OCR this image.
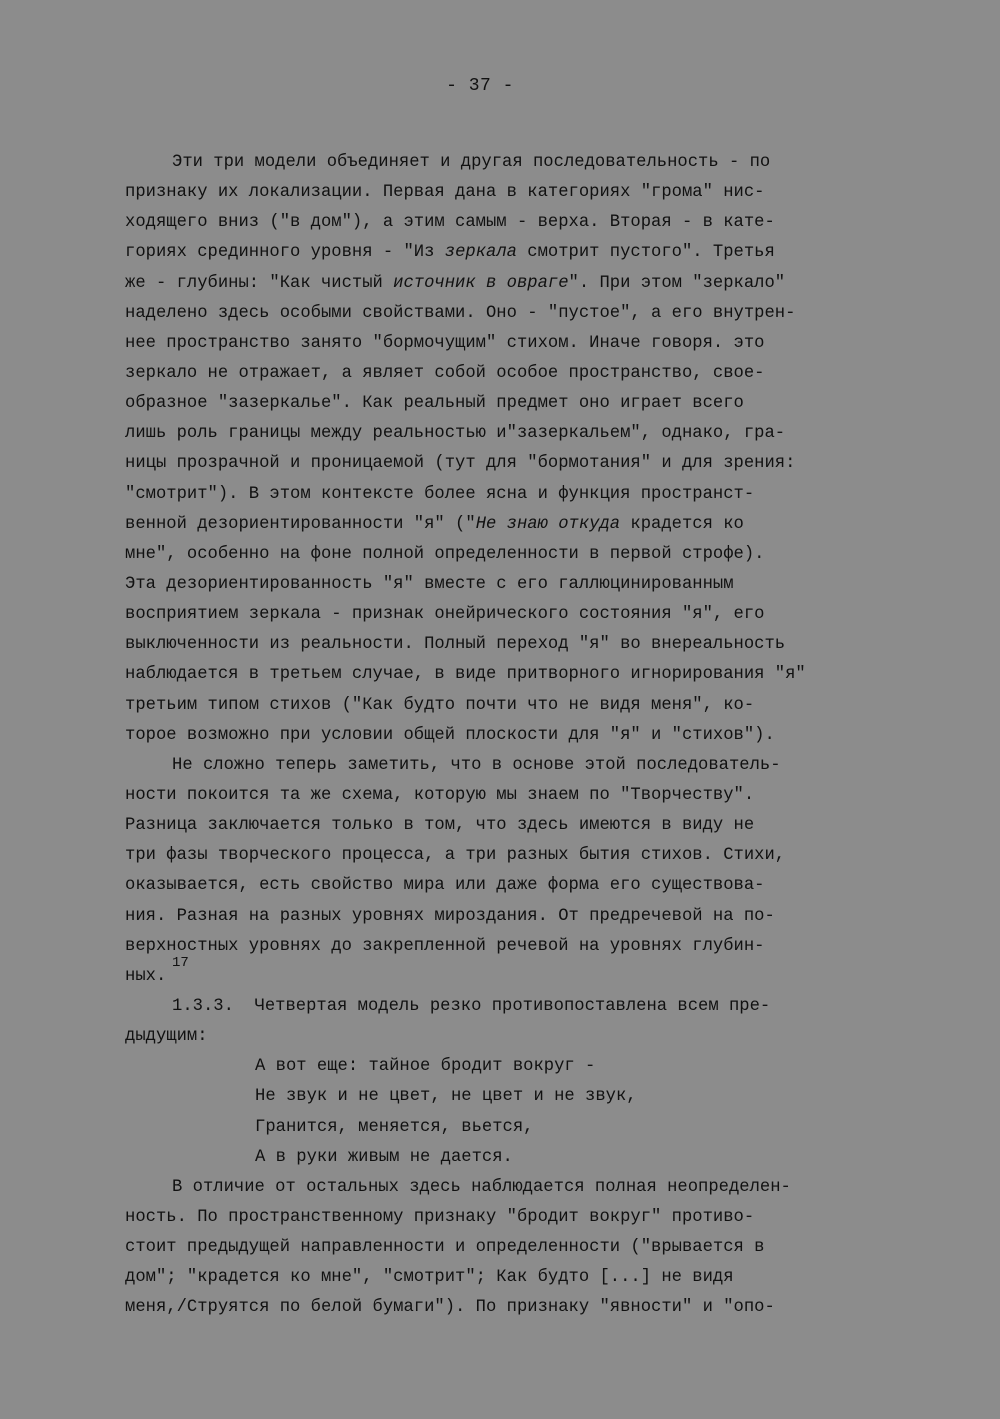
- 37 -
Эти три модели объединяет и другая последовательность - по
признаку их локализации. Первая дана в категориях "грома" нис-
ходящего вниз ("в дом"), а этим самым - верха. Вторая - в кате-
гориях срединного уровня - "Из зеркала смотрит пустого". Третья
же - глубины: "Как чистый источник в овраге". При этом "зеркало"
наделено здесь особыми свойствами. Оно - "пустое", а его внутрен-
нее пространство занято "бормочущим" стихом. Иначе говоря. это
зеркало не отражает, а являет собой особое пространство, свое-
образное "зазеркалье". Как реальный предмет оно играет всего
лишь роль границы между реальностью и"зазеркальем", однако, гра-
ницы прозрачной и проницаемой (тут для "бормотания" и для зрения:
"смотрит"). В этом контексте более ясна и функция пространст-
венной дезориентированности "я" ("Не знаю откуда крадется ко
мне", особенно на фоне полной определенности в первой строфе).
Эта дезориентированность "я" вместе с его галлюцинированным
восприятием зеркала - признак онейрического состояния "я", его
выключенности из реальности. Полный переход "я" во внереальность
наблюдается в третьем случае, в виде притворного игнорирования "я"
третьим типом стихов ("Как будто почти что не видя меня", ко-
торое возможно при условии общей плоскости для "я" и "стихов").
Не сложно теперь заметить, что в основе этой последователь-
ности покоится та же схема, которую мы знаем по "Творчеству".
Разница заключается только в том, что здесь имеются в виду не
три фазы творческого процесса, а три разных бытия стихов. Стихи,
оказывается, есть свойство мира или даже форма его существова-
ния. Разная на разных уровнях мироздания. От предречевой на по-
верхностных уровнях до закрепленной речевой на уровнях глубин-
ных.
17
1.3.3.  Четвертая модель резко противопоставлена всем пре-
дыдущим:
А вот еще: тайное бродит вокруг -
Не звук и не цвет, не цвет и не звук,
Гранится, меняется, вьется,
А в руки живым не дается.
В отличие от остальных здесь наблюдается полная неопределен-
ность. По пространственному признаку "бродит вокруг" противо-
стоит предыдущей направленности и определенности ("врывается в
дом"; "крадется ко мне", "смотрит"; Как будто [...] не видя
меня,/Струятся по белой бумаги"). По признаку "явности" и "опо-
